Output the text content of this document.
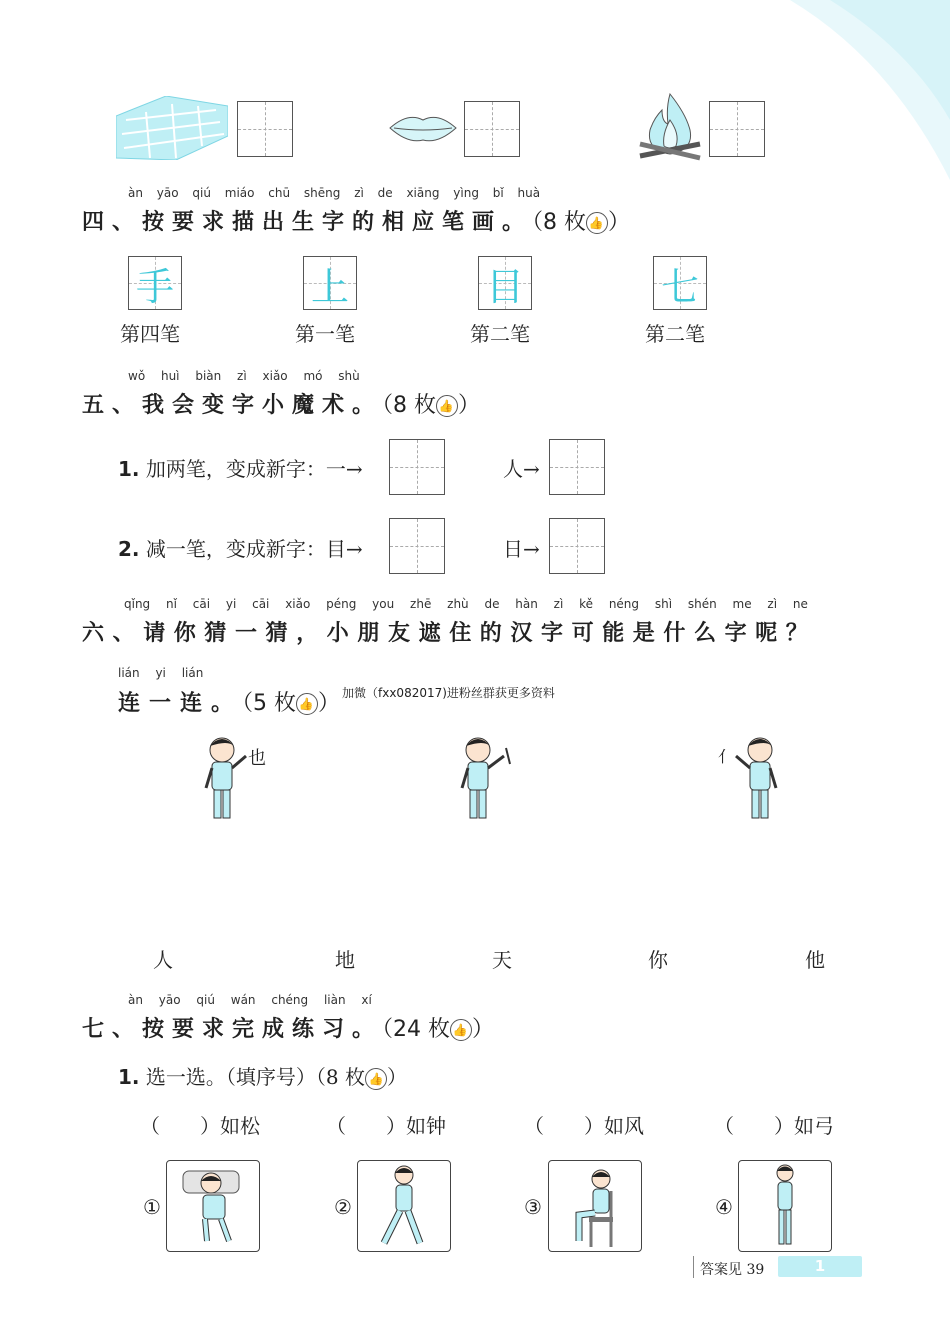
àn yāo qiú miáo chū shēng zì de xiāng yìng bǐ huà
四、按要求描出生字的相应笔画。（8 枚 👍 ）
手
第四笔
上
第一笔
目
第二笔
七
第二笔
wǒ huì biàn zì xiǎo mó shù
五、我会变字小魔术。（8 枚 👍 ）
1. 加两笔，变成新字：一→	人→
2. 减一笔，变成新字：目→	日→
qǐng nǐ cāi yi cāi xiǎo péng you zhē zhù de hàn zì kě néng shì shén me zì ne
六、请你猜一猜，小朋友遮住的汉字可能是什么字呢？
lián yi lián
连一连。（5 枚 👍 ） 加微（fxx082017)进粉丝群获更多资料
也	亻
人	地	天	你	他
àn yāo qiú wán chéng liàn xí
七、按要求完成练习。（24 枚 👍 ）
1. 选一选。（填序号）（8 枚 👍 ）
（　　）如松	（　　）如钟	（　　）如风	（　　）如弓
①	②	③	④
答案见 39	1
